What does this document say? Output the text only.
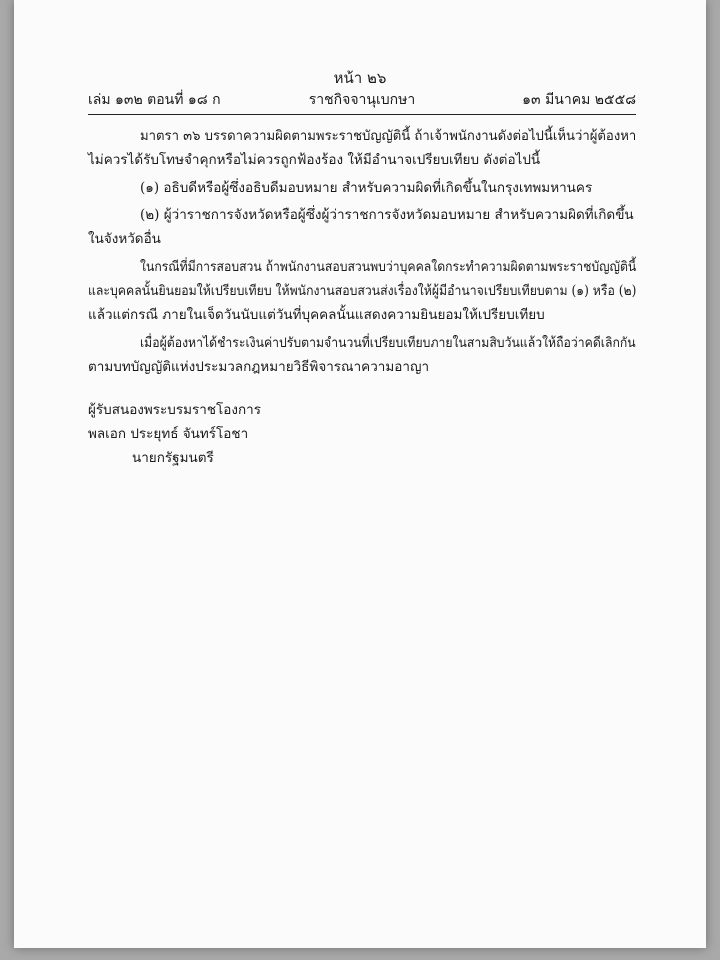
หน้า ๒๖
เล่ม ๑๓๒ ตอนที่ ๑๘ ก	ราชกิจจานุเบกษา	๑๓ มีนาคม ๒๕๕๘
มาตรา ๓๖ บรรดาความผิดตามพระราชบัญญัตินี้ ถ้าเจ้าพนักงานดังต่อไปนี้เห็นว่าผู้ต้องหา
ไม่ควรได้รับโทษจำคุกหรือไม่ควรถูกฟ้องร้อง ให้มีอำนาจเปรียบเทียบ ดังต่อไปนี้
(๑) อธิบดีหรือผู้ซึ่งอธิบดีมอบหมาย สำหรับความผิดที่เกิดขึ้นในกรุงเทพมหานคร
(๒) ผู้ว่าราชการจังหวัดหรือผู้ซึ่งผู้ว่าราชการจังหวัดมอบหมาย สำหรับความผิดที่เกิดขึ้น
ในจังหวัดอื่น
ในกรณีที่มีการสอบสวน ถ้าพนักงานสอบสวนพบว่าบุคคลใดกระทำความผิดตามพระราชบัญญัตินี้
และบุคคลนั้นยินยอมให้เปรียบเทียบ ให้พนักงานสอบสวนส่งเรื่องให้ผู้มีอำนาจเปรียบเทียบตาม (๑) หรือ (๒)
แล้วแต่กรณี ภายในเจ็ดวันนับแต่วันที่บุคคลนั้นแสดงความยินยอมให้เปรียบเทียบ
เมื่อผู้ต้องหาได้ชำระเงินค่าปรับตามจำนวนที่เปรียบเทียบภายในสามสิบวันแล้วให้ถือว่าคดีเลิกกัน
ตามบทบัญญัติแห่งประมวลกฎหมายวิธีพิจารณาความอาญา
ผู้รับสนองพระบรมราชโองการ
พลเอก ประยุทธ์ จันทร์โอชา
นายกรัฐมนตรี
